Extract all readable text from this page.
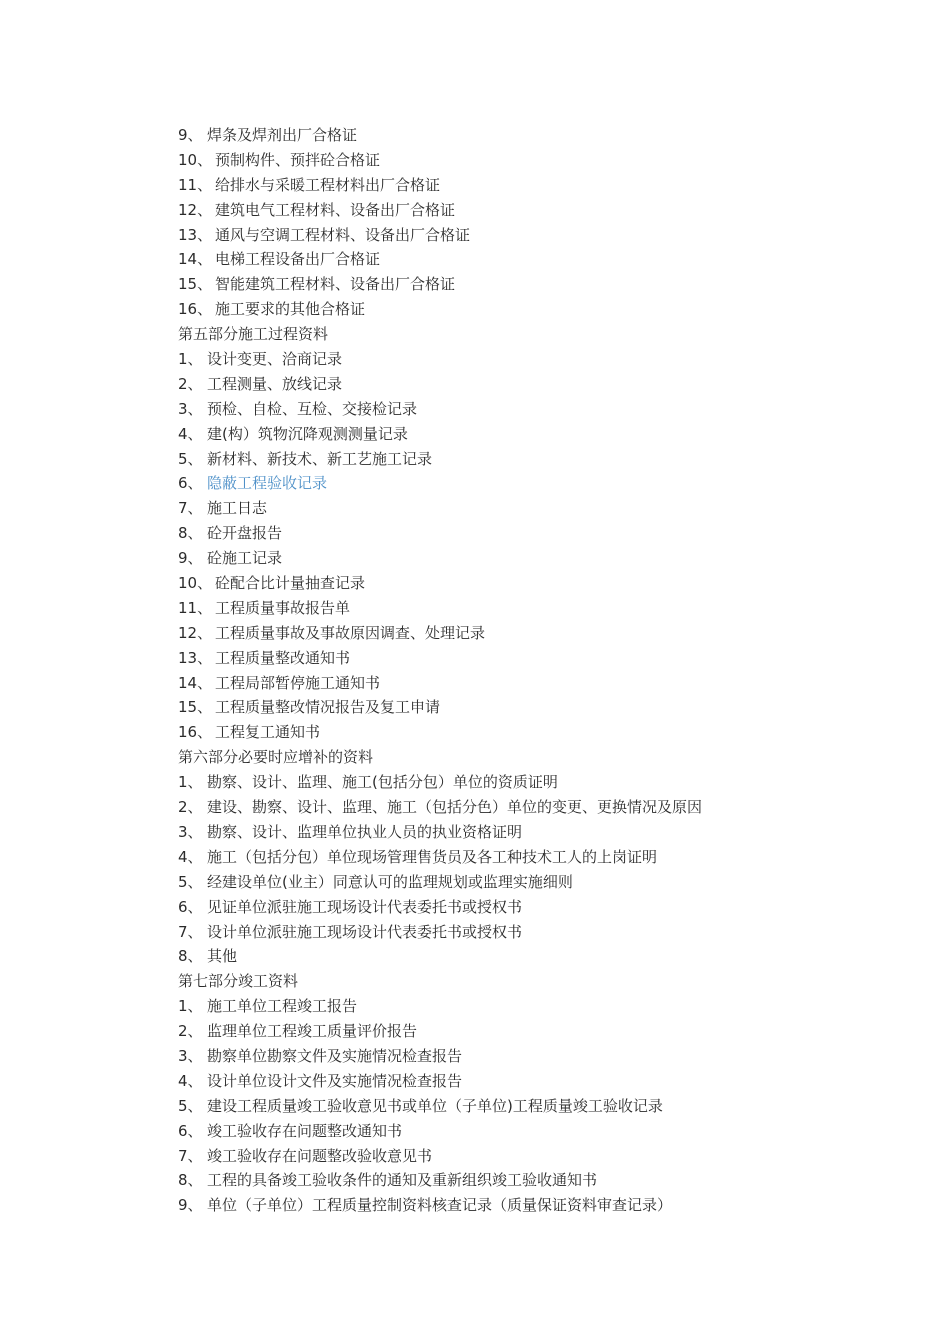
9、 焊条及焊剂出厂合格证
10、 预制构件、预拌砼合格证
11、 给排水与采暖工程材料出厂合格证
12、 建筑电气工程材料、设备出厂合格证
13、 通风与空调工程材料、设备出厂合格证
14、 电梯工程设备出厂合格证
15、 智能建筑工程材料、设备出厂合格证
16、 施工要求的其他合格证
第五部分施工过程资料
1、 设计变更、洽商记录
2、 工程测量、放线记录
3、 预检、自检、互检、交接检记录
4、 建(构）筑物沉降观测测量记录
5、 新材料、新技术、新工艺施工记录
6、 隐蔽工程验收记录
7、 施工日志
8、 砼开盘报告
9、 砼施工记录
10、 砼配合比计量抽查记录
11、 工程质量事故报告单
12、 工程质量事故及事故原因调查、处理记录
13、 工程质量整改通知书
14、 工程局部暂停施工通知书
15、 工程质量整改情况报告及复工申请
16、 工程复工通知书
第六部分必要时应增补的资料
1、 勘察、设计、监理、施工(包括分包）单位的资质证明
2、 建设、勘察、设计、监理、施工（包括分色）单位的变更、更换情况及原因
3、 勘察、设计、监理单位执业人员的执业资格证明
4、 施工（包括分包）单位现场管理售货员及各工种技术工人的上岗证明
5、 经建设单位(业主）同意认可的监理规划或监理实施细则
6、 见证单位派驻施工现场设计代表委托书或授权书
7、 设计单位派驻施工现场设计代表委托书或授权书
8、 其他
第七部分竣工资料
1、 施工单位工程竣工报告
2、 监理单位工程竣工质量评价报告
3、 勘察单位勘察文件及实施情况检查报告
4、 设计单位设计文件及实施情况检查报告
5、 建设工程质量竣工验收意见书或单位（子单位)工程质量竣工验收记录
6、 竣工验收存在问题整改通知书
7、 竣工验收存在问题整改验收意见书
8、 工程的具备竣工验收条件的通知及重新组织竣工验收通知书
9、 单位（子单位）工程质量控制资料核查记录（质量保证资料审查记录）
